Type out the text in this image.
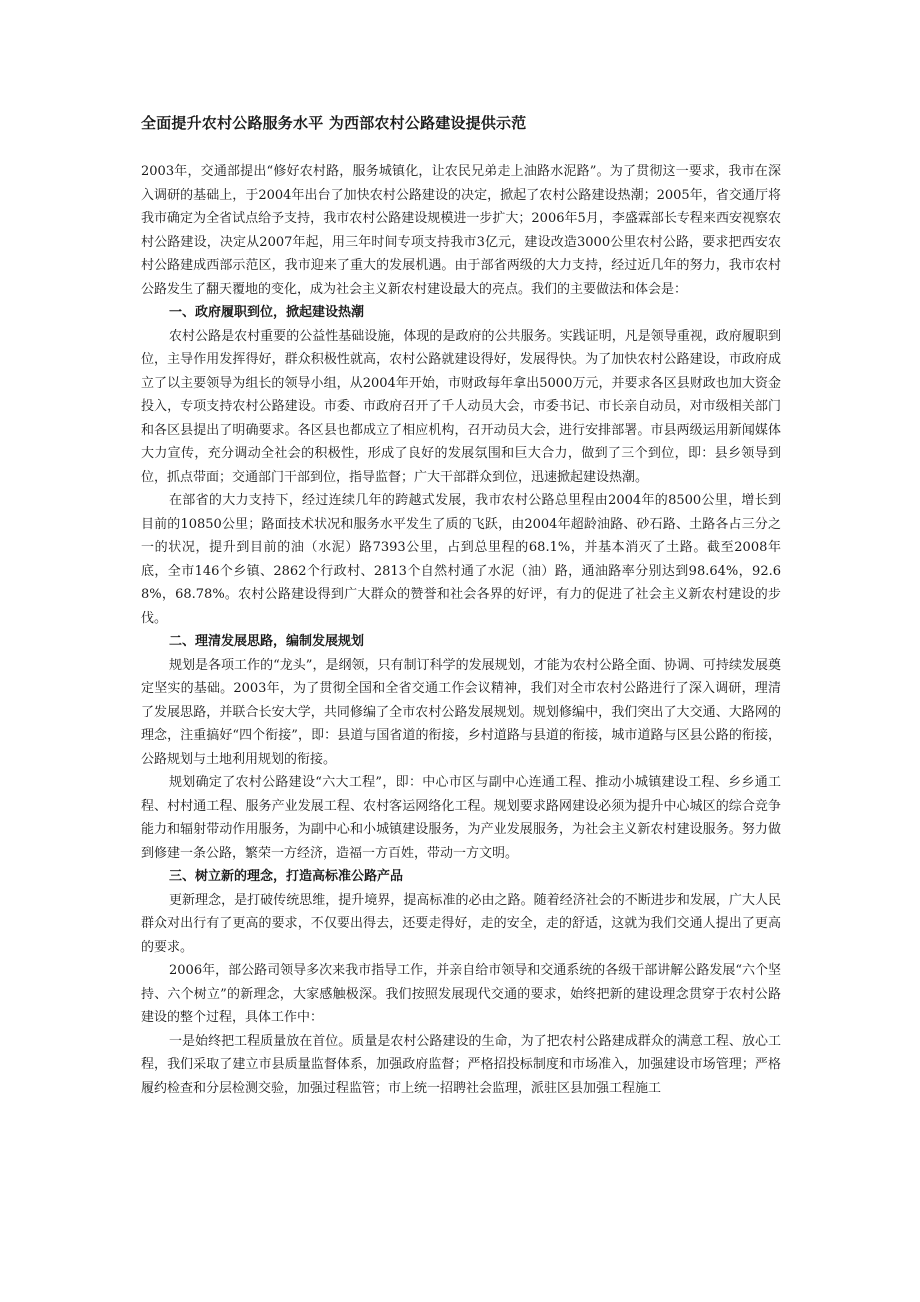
全面提升农村公路服务水平 为西部农村公路建设提供示范

2003年，交通部提出“修好农村路，服务城镇化，让农民兄弟走上油路水泥路”。为了贯彻这一要求，我市在深入调研的基础上，于2004年出台了加快农村公路建设的决定，掀起了农村公路建设热潮；2005年，省交通厅将我市确定为全省试点给予支持，我市农村公路建设规模进一步扩大；2006年5月，李盛霖部长专程来西安视察农村公路建设，决定从2007年起，用三年时间专项支持我市3亿元，建设改造3000公里农村公路，要求把西安农村公路建成西部示范区，我市迎来了重大的发展机遇。由于部省两级的大力支持，经过近几年的努力，我市农村公路发生了翻天覆地的变化，成为社会主义新农村建设最大的亮点。我们的主要做法和体会是：

一、政府履职到位，掀起建设热潮

农村公路是农村重要的公益性基础设施，体现的是政府的公共服务。实践证明，凡是领导重视，政府履职到位，主导作用发挥得好，群众积极性就高，农村公路就建设得好，发展得快。为了加快农村公路建设，市政府成立了以主要领导为组长的领导小组，从2004年开始，市财政每年拿出5000万元，并要求各区县财政也加大资金投入，专项支持农村公路建设。市委、市政府召开了千人动员大会，市委书记、市长亲自动员，对市级相关部门和各区县提出了明确要求。各区县也都成立了相应机构，召开动员大会，进行安排部署。市县两级运用新闻媒体大力宣传，充分调动全社会的积极性，形成了良好的发展氛围和巨大合力，做到了三个到位，即：县乡领导到位，抓点带面；交通部门干部到位，指导监督；广大干部群众到位，迅速掀起建设热潮。

在部省的大力支持下，经过连续几年的跨越式发展，我市农村公路总里程由2004年的8500公里，增长到目前的10850公里；路面技术状况和服务水平发生了质的飞跃，由2004年超龄油路、砂石路、土路各占三分之一的状况，提升到目前的油（水泥）路7393公里，占到总里程的68.1%，并基本消灭了土路。截至2008年底，全市146个乡镇、2862个行政村、2813个自然村通了水泥（油）路，通油路率分别达到98.64%，92.68%，68.78%。农村公路建设得到广大群众的赞誉和社会各界的好评，有力的促进了社会主义新农村建设的步伐。

二、理清发展思路，编制发展规划

规划是各项工作的“龙头”，是纲领，只有制订科学的发展规划，才能为农村公路全面、协调、可持续发展奠定坚实的基础。2003年，为了贯彻全国和全省交通工作会议精神，我们对全市农村公路进行了深入调研，理清了发展思路，并联合长安大学，共同修编了全市农村公路发展规划。规划修编中，我们突出了大交通、大路网的理念，注重搞好“四个衔接”，即：县道与国省道的衔接，乡村道路与县道的衔接，城市道路与区县公路的衔接，公路规划与土地利用规划的衔接。

规划确定了农村公路建设“六大工程”，即：中心市区与副中心连通工程、推动小城镇建设工程、乡乡通工程、村村通工程、服务产业发展工程、农村客运网络化工程。规划要求路网建设必须为提升中心城区的综合竞争能力和辐射带动作用服务，为副中心和小城镇建设服务，为产业发展服务，为社会主义新农村建设服务。努力做到修建一条公路，繁荣一方经济，造福一方百姓，带动一方文明。

三、树立新的理念，打造高标准公路产品

更新理念，是打破传统思维，提升境界，提高标准的必由之路。随着经济社会的不断进步和发展，广大人民群众对出行有了更高的要求，不仅要出得去，还要走得好，走的安全，走的舒适，这就为我们交通人提出了更高的要求。

2006年，部公路司领导多次来我市指导工作，并亲自给市领导和交通系统的各级干部讲解公路发展“六个坚持、六个树立”的新理念，大家感触极深。我们按照发展现代交通的要求，始终把新的建设理念贯穿于农村公路建设的整个过程，具体工作中：

一是始终把工程质量放在首位。质量是农村公路建设的生命，为了把农村公路建成群众的满意工程、放心工程，我们采取了建立市县质量监督体系，加强政府监督；严格招投标制度和市场准入，加强建设市场管理；严格履约检查和分层检测交验，加强过程监管；市上统一招聘社会监理，派驻区县加强工程施工
